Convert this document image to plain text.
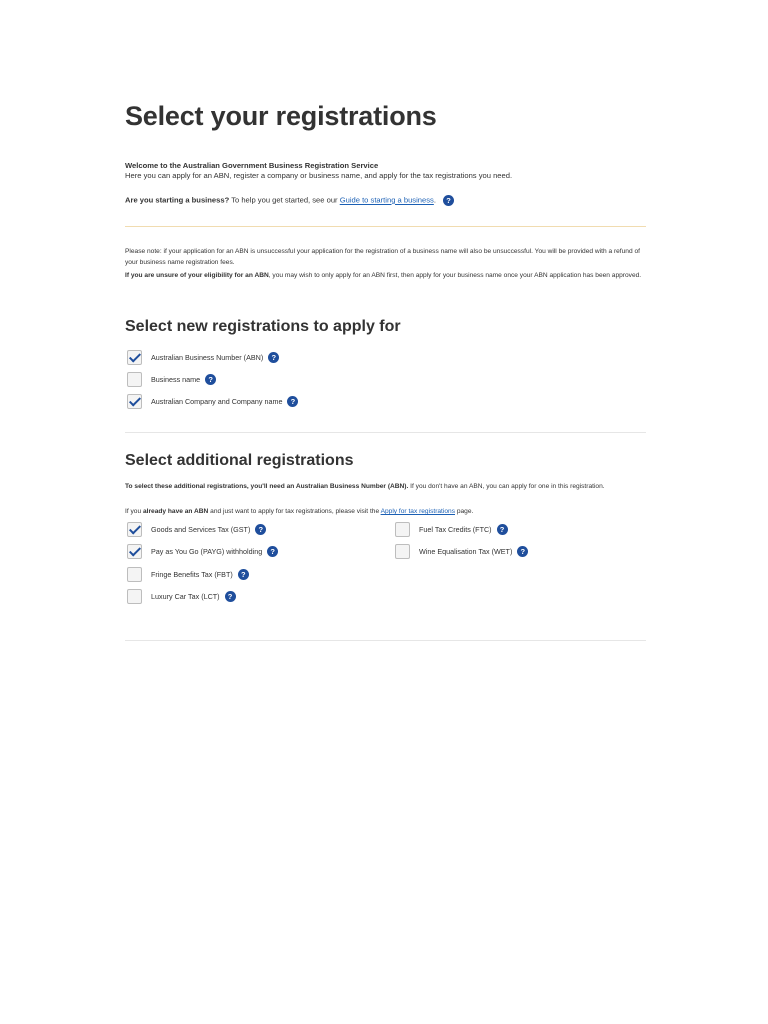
Select your registrations
Welcome to the Australian Government Business Registration Service
Here you can apply for an ABN, register a company or business name, and apply for the tax registrations you need.
Are you starting a business? To help you get started, see our Guide to starting a business. ?
Please note: if your application for an ABN is unsuccessful your application for the registration of a business name will also be unsuccessful. You will be provided with a refund of your business name registration fees.
If you are unsure of your eligibility for an ABN, you may wish to only apply for an ABN first, then apply for your business name once your ABN application has been approved.
Select new registrations to apply for
Australian Business Number (ABN)	?
Business name	?
Australian Company and Company name	?
Select additional registrations
To select these additional registrations, you'll need an Australian Business Number (ABN). If you don't have an ABN, you can apply for one in this registration.
If you already have an ABN and just want to apply for tax registrations, please visit the Apply for tax registrations page.
Goods and Services Tax (GST)	?
Pay as You Go (PAYG) withholding	?
Fringe Benefits Tax (FBT)	?
Luxury Car Tax (LCT)	?
Fuel Tax Credits (FTC)	?
Wine Equalisation Tax (WET)	?
